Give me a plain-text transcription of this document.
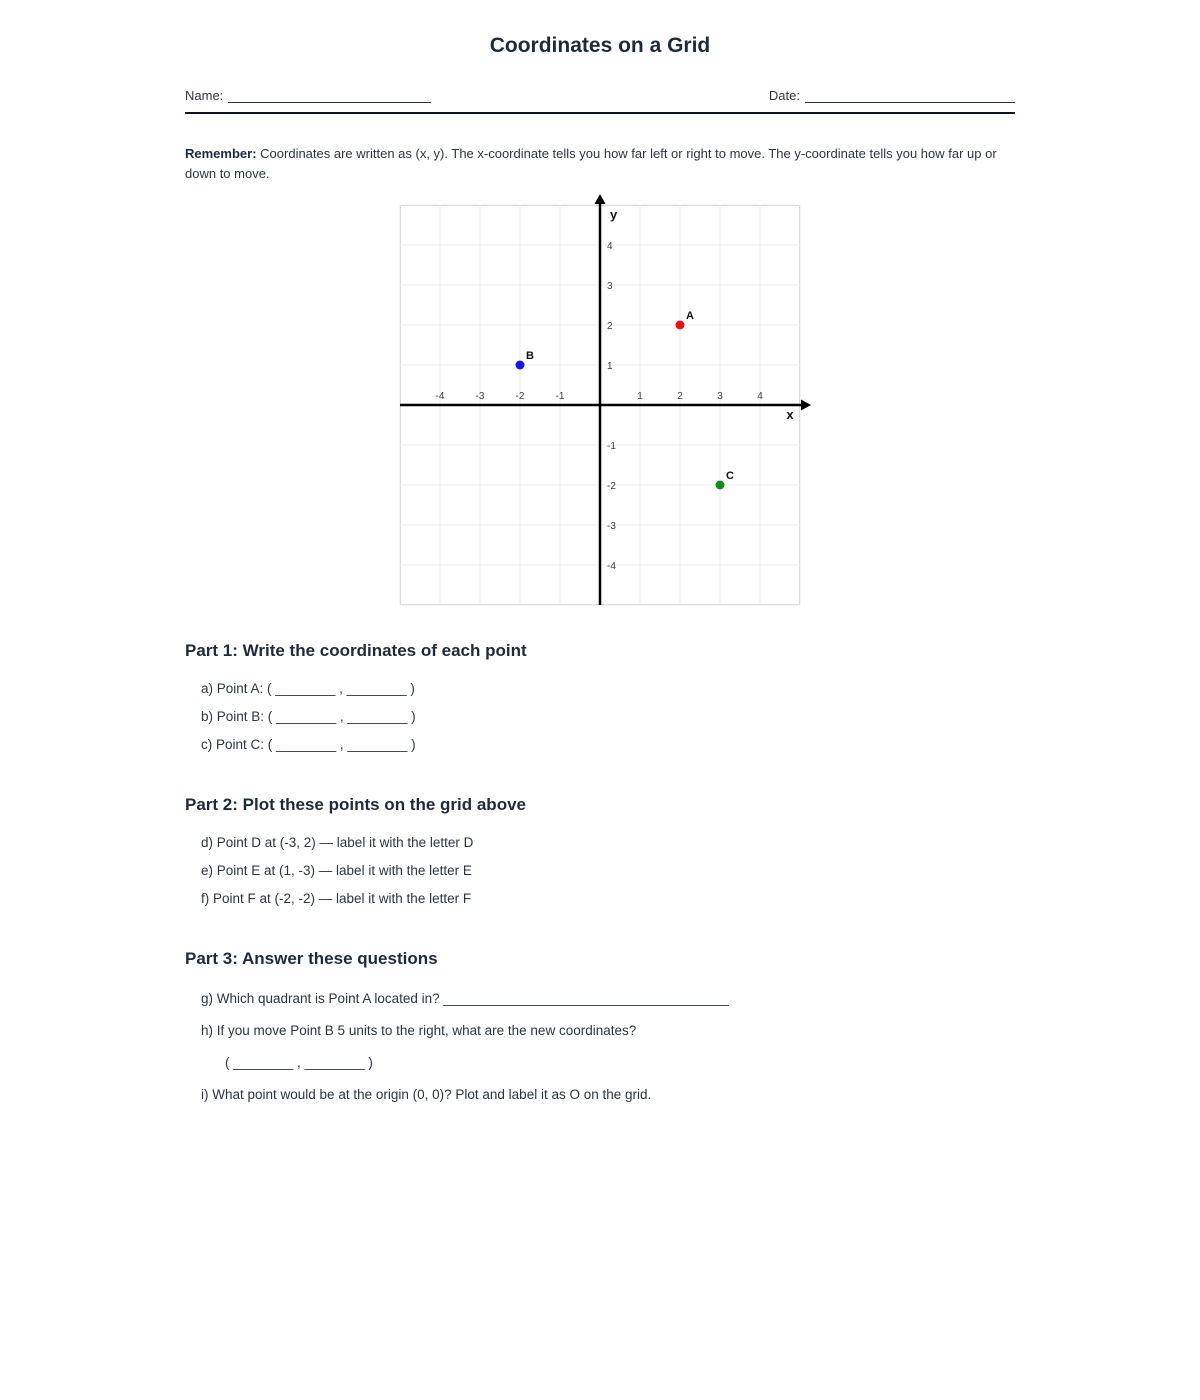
Coordinates on a Grid
Name:	Date:

Remember: Coordinates are written as (x, y). The x-coordinate tells you how far left or right to move. The y-coordinate tells you how far up or down to move.

-4	-3	-2	-1	1	2	3	4
4
3
2
1
-1
-2
-3
-4
y
x
A
B
C
Part 1: Write the coordinates of each point
a) Point A: ( ________ , ________ )
b) Point B: ( ________ , ________ )
c) Point C: ( ________ , ________ )
Part 2: Plot these points on the grid above
d) Point D at (-3, 2) — label it with the letter D
e) Point E at (1, -3) — label it with the letter E
f) Point F at (-2, -2) — label it with the letter F
Part 3: Answer these questions
g) Which quadrant is Point A located in? ______________________________________
h) If you move Point B 5 units to the right, what are the new coordinates?
( ________ , ________ )
i) What point would be at the origin (0, 0)? Plot and label it as O on the grid.
